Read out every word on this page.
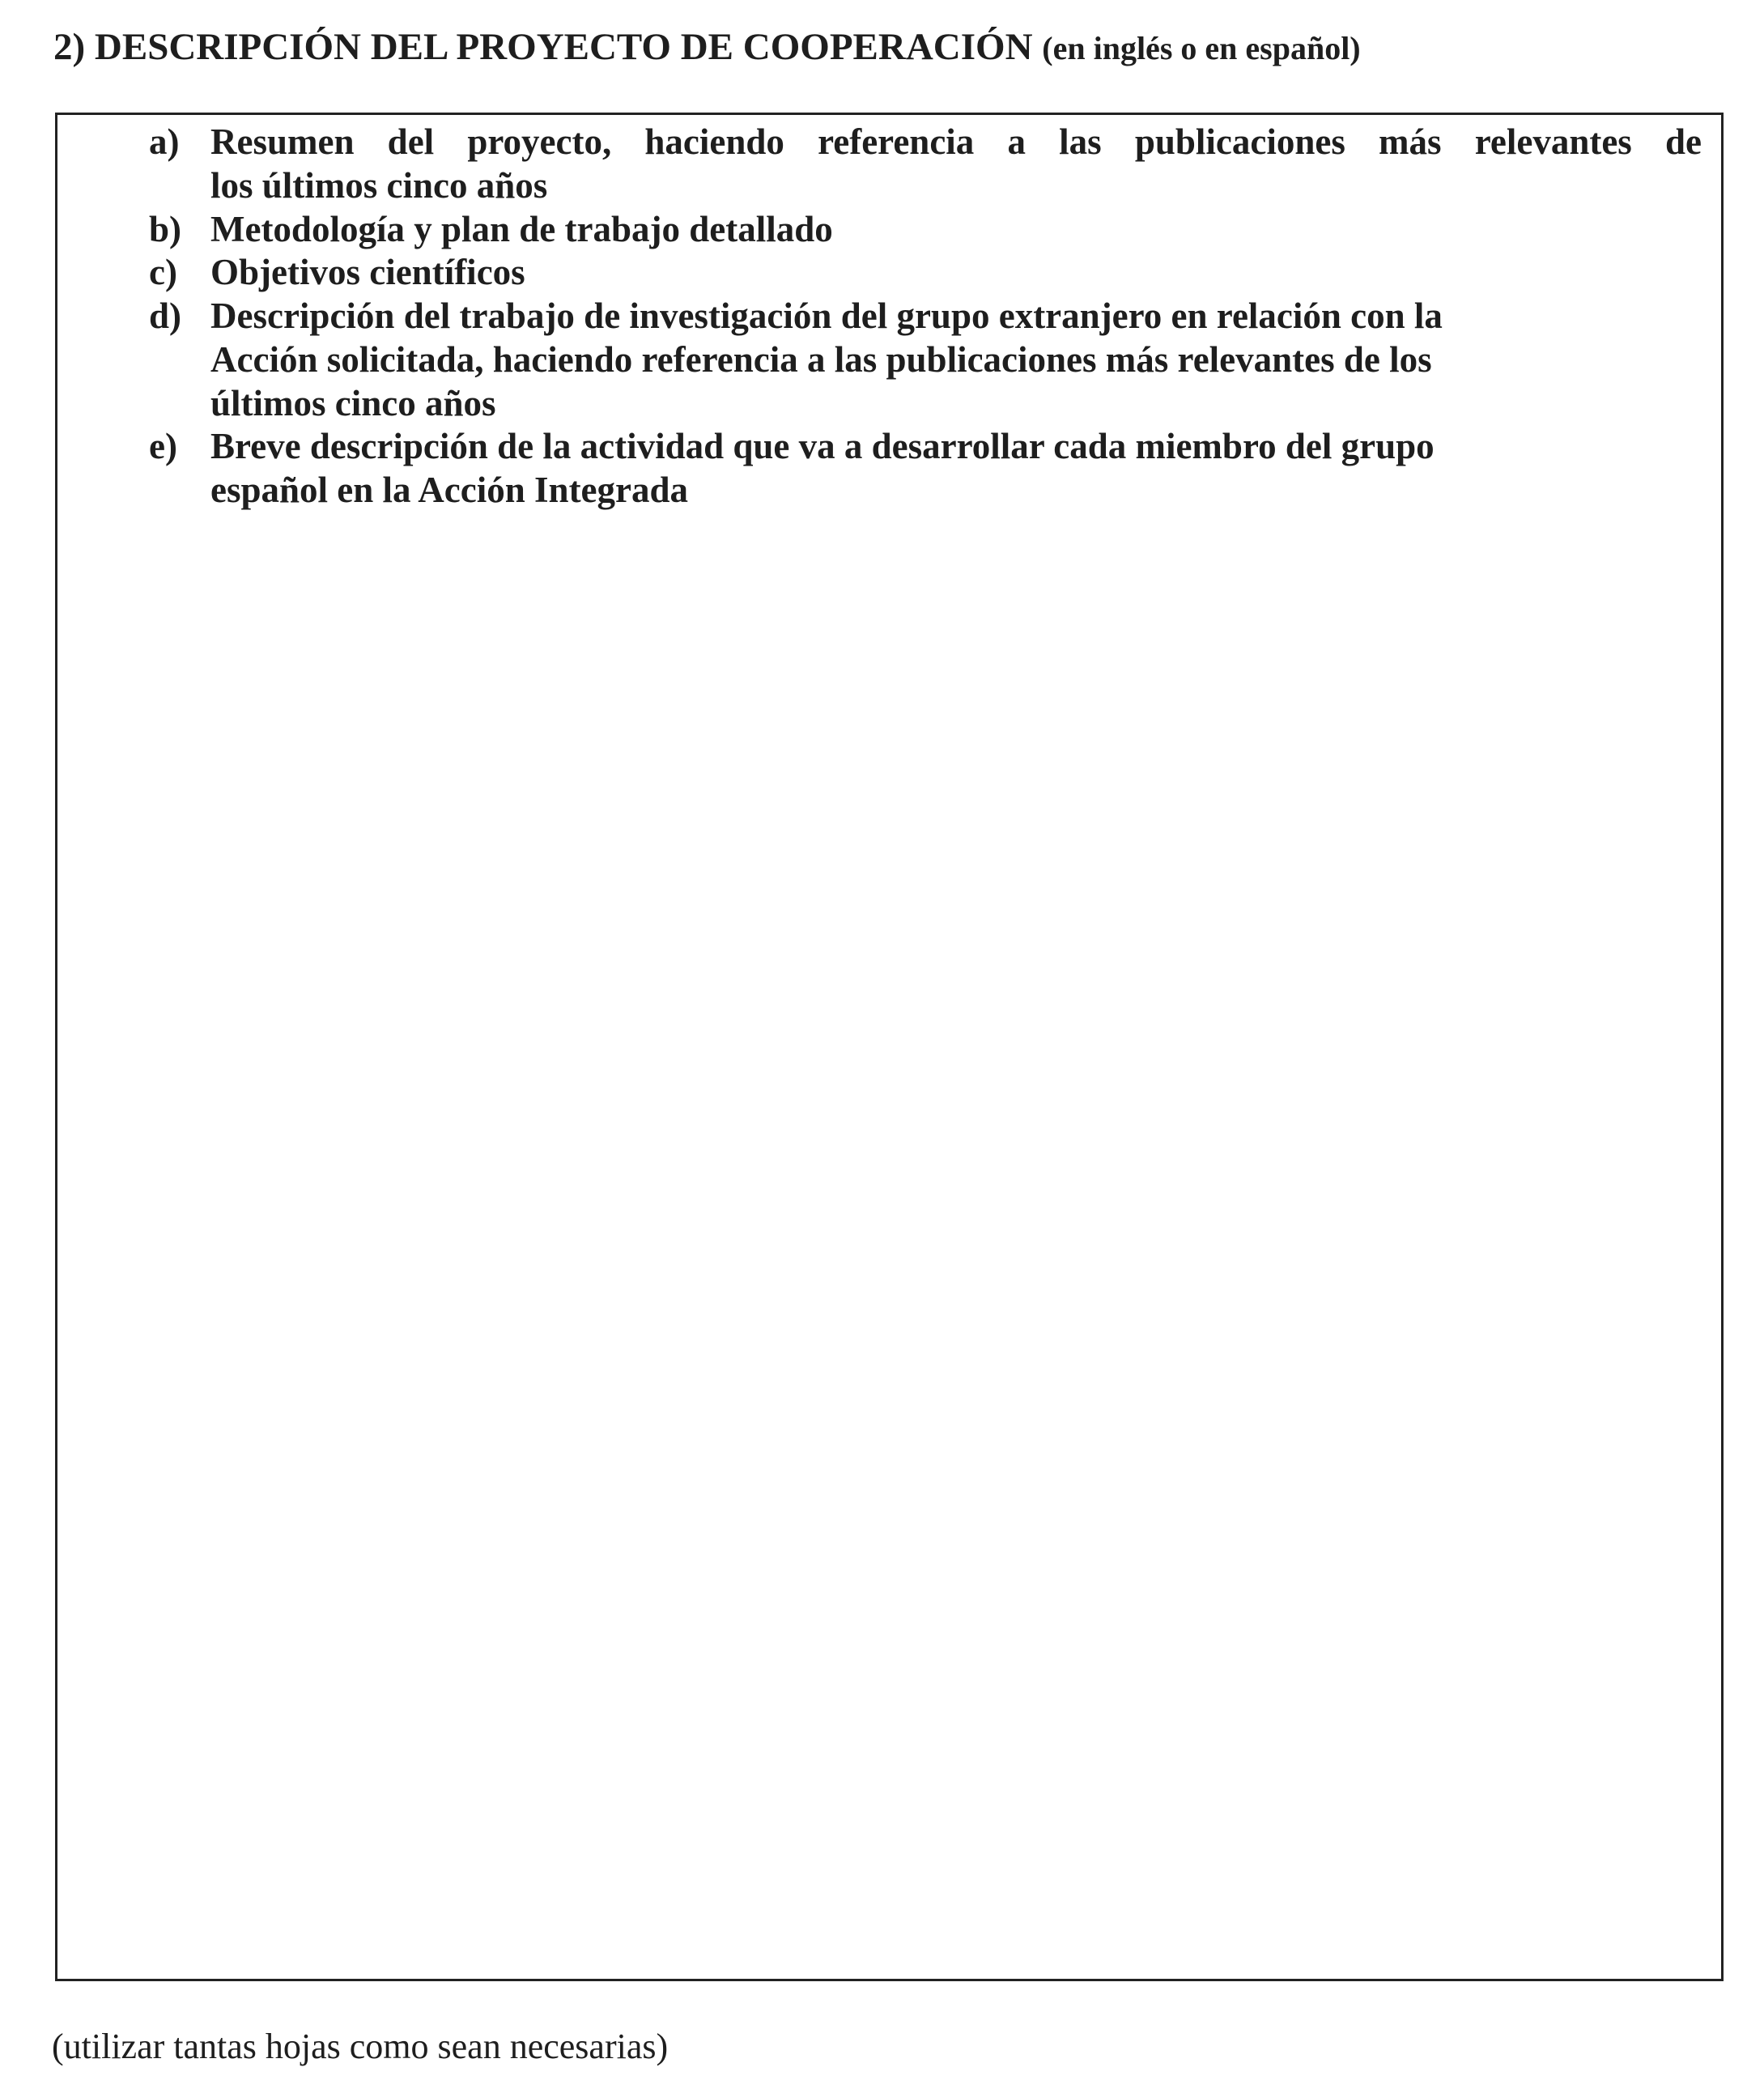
2) DESCRIPCIÓN DEL PROYECTO DE COOPERACIÓN (en inglés o en español)
a) Resumen del proyecto, haciendo referencia a las publicaciones más relevantes de
los últimos cinco años
b) Metodología y plan de trabajo detallado
c) Objetivos científicos
d) Descripción del trabajo de investigación del grupo extranjero en relación con la
Acción solicitada, haciendo referencia a las publicaciones más relevantes de los
últimos cinco años
e) Breve descripción de la actividad que va a desarrollar cada miembro del grupo
español en la Acción Integrada
(utilizar tantas hojas como sean necesarias)
